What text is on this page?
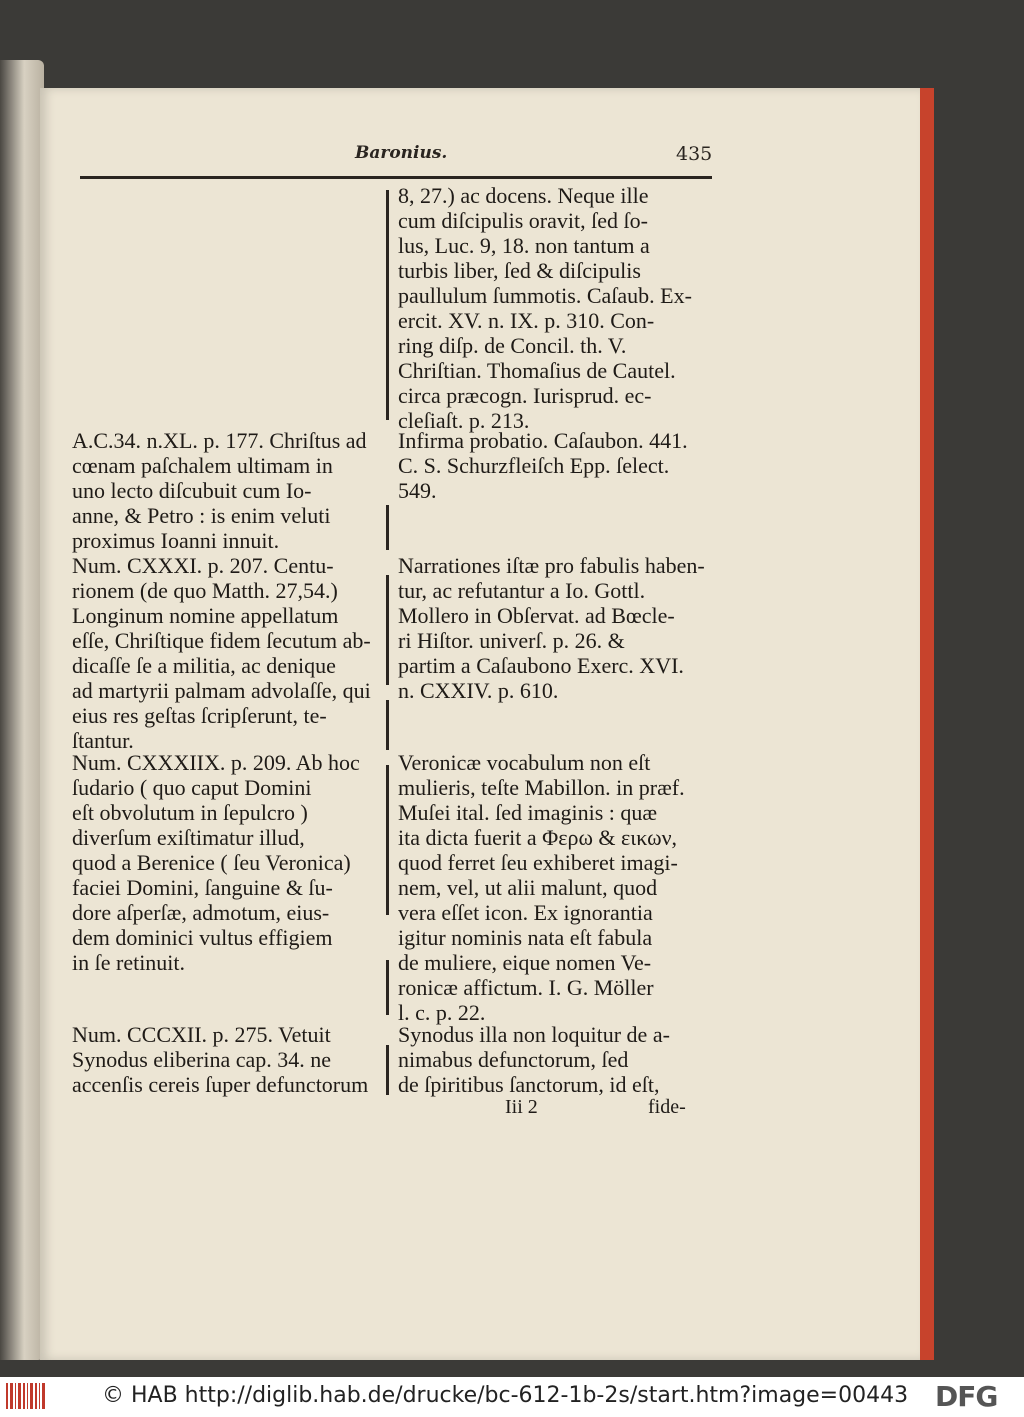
Baronius.	435
8, 27.) ac docens. Neque ille
cum diſcipulis oravit, ſed ſo-
lus, Luc. 9, 18. non tantum a
turbis liber, ſed & diſcipulis
paullulum ſummotis. Caſaub. Ex-
ercit. XV. n. IX. p. 310. Con-
ring diſp. de Concil. th. V.
Chriſtian. Thomaſius de Cautel.
circa præcogn. Iurisprud. ec-
cleſiaſt. p. 213.
A.C.34. n.XL. p. 177. Chriſtus ad
cœnam paſchalem ultimam in
uno lecto diſcubuit cum Io-
anne, & Petro : is enim veluti
proximus Ioanni innuit.
Infirma probatio. Caſaubon. 441.
C. S. Schurzfleiſch Epp. ſelect.
549.
Num. CXXXI. p. 207. Centu-
rionem (de quo Matth. 27,54.)
Longinum nomine appellatum
eſſe, Chriſtique fidem ſecutum ab-
dicaſſe ſe a militia, ac denique
ad martyrii palmam advolaſſe, qui
eius res geſtas ſcripſerunt, te-
ſtantur.
Narrationes iſtæ pro fabulis haben-
tur, ac refutantur a Io. Gottl.
Mollero in Obſervat. ad Bœcle-
ri Hiſtor. univerſ. p. 26. &
partim a Caſaubono Exerc. XVI.
n. CXXIV. p. 610.
Num. CXXXIIX. p. 209. Ab hoc
ſudario ( quo caput Domini
eſt obvolutum in ſepulcro )
diverſum exiſtimatur illud,
quod a Berenice ( ſeu Veronica)
faciei Domini, ſanguine & ſu-
dore aſperſæ, admotum, eius-
dem dominici vultus effigiem
in ſe retinuit.
Veronicæ vocabulum non eſt
mulieris, teſte Mabillon. in præf.
Muſei ital. ſed imaginis : quæ
ita dicta fuerit a Φερω & εικων,
quod ferret ſeu exhiberet imagi-
nem, vel, ut alii malunt, quod
vera eſſet icon. Ex ignorantia
igitur nominis nata eſt fabula
de muliere, eique nomen Ve-
ronicæ affictum. I. G. Möller
l. c. p. 22.
Num. CCCXII. p. 275. Vetuit
Synodus eliberina cap. 34. ne
accenſis cereis ſuper defunctorum
Synodus illa non loquitur de a-
nimabus defunctorum, ſed
de ſpiritibus ſanctorum, id eſt,
Iii 2	fide-
© HAB http://diglib.hab.de/drucke/bc-612-1b-2s/start.htm?image=00443 DFG
